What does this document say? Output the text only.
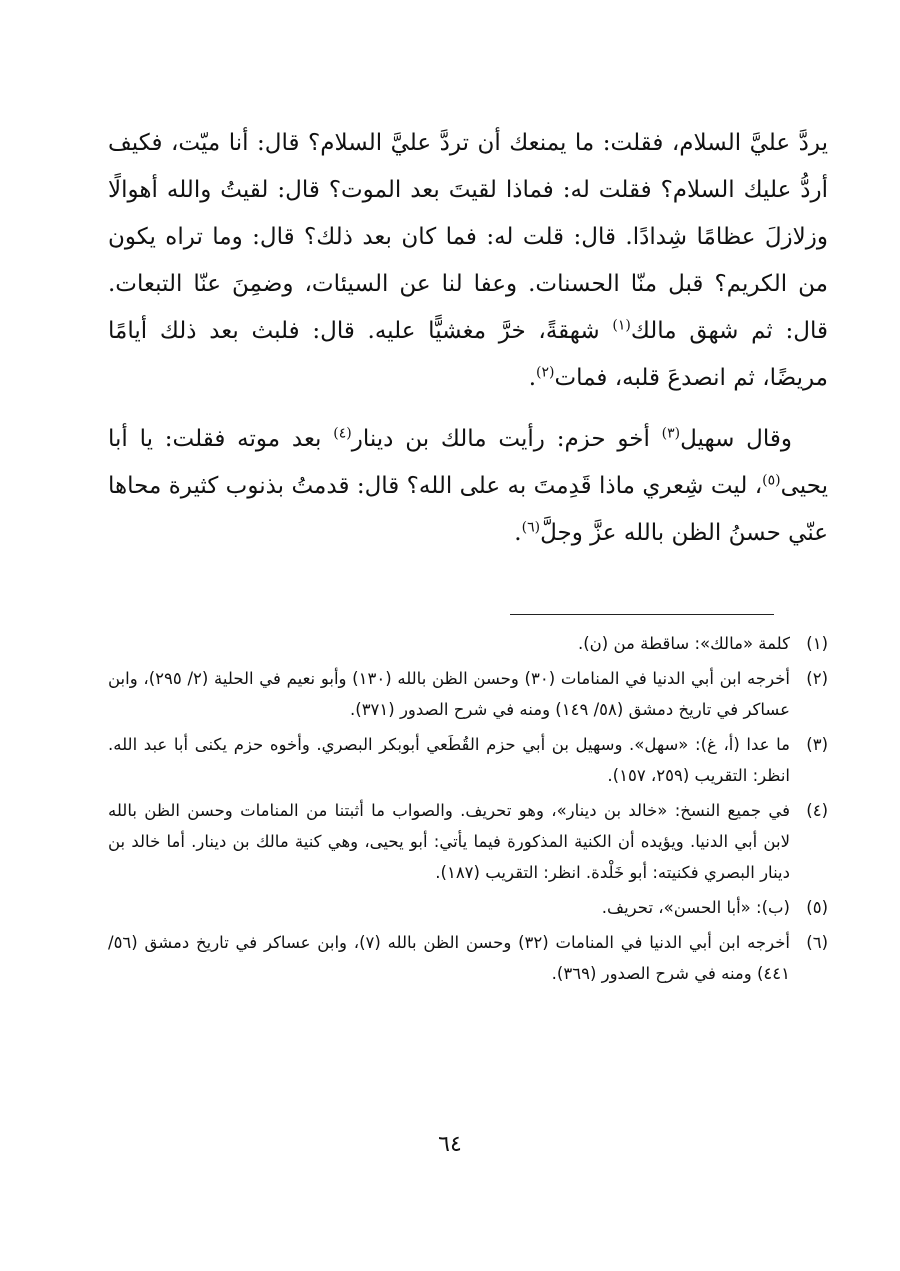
يردَّ عليَّ السلام، فقلت: ما يمنعك أن تردَّ عليَّ السلام؟ قال: أنا ميّت، فكيف أردُّ عليك السلام؟ فقلت له: فماذا لقيتَ بعد الموت؟ قال: لقيتُ والله أهوالًا وزلازلَ عظامًا شِدادًا. قال: قلت له: فما كان بعد ذلك؟ قال: وما تراه يكون من الكريم؟ قبل منّا الحسنات. وعفا لنا عن السيئات، وضمِنَ عنّا التبعات. قال: ثم شهق مالك$^{(١)}$ شهقةً، خرَّ مغشيًّا عليه. قال: فلبث بعد ذلك أيامًا مريضًا، ثم انصدعَ قلبه، فمات$^{(٢)}$.

وقال سهيل$^{(٣)}$ أخو حزم: رأيت مالك بن دينار$^{(٤)}$ بعد موته فقلت: يا أبا يحيى$^{(٥)}$، ليت شِعري ماذا قَدِمتَ به على الله؟ قال: قدمتُ بذنوب كثيرة محاها عنّي حسنُ الظن بالله عزَّ وجلَّ$^{(٦)}$.

(١)
كلمة «مالك»: ساقطة من (ن).
(٢)
أخرجه ابن أبي الدنيا في المنامات (٣٠) وحسن الظن بالله (١٣٠) وأبو نعيم في الحلية (٢/ ٢٩٥)، وابن عساكر في تاريخ دمشق (٥٨/ ١٤٩) ومنه في شرح الصدور (٣٧١).
(٣)
ما عدا (أ، غ): «سهل». وسهيل بن أبي حزم القُطَعي أبوبكر البصري. وأخوه حزم يكنى أبا عبد الله. انظر: التقريب (٢٥٩، ١٥٧).
(٤)
في جميع النسخ: «خالد بن دينار»، وهو تحريف. والصواب ما أثبتنا من المنامات وحسن الظن بالله لابن أبي الدنيا. ويؤيده أن الكنية المذكورة فيما يأتي: أبو يحيى، وهي كنية مالك بن دينار. أما خالد بن دينار البصري فكنيته: أبو خَلْدة. انظر: التقريب (١٨٧).
(٥)
(ب): «أبا الحسن»، تحريف.
(٦)
أخرجه ابن أبي الدنيا في المنامات (٣٢) وحسن الظن بالله (٧)، وابن عساكر في تاريخ دمشق (٥٦/ ٤٤١) ومنه في شرح الصدور (٣٦٩).
٦٤
